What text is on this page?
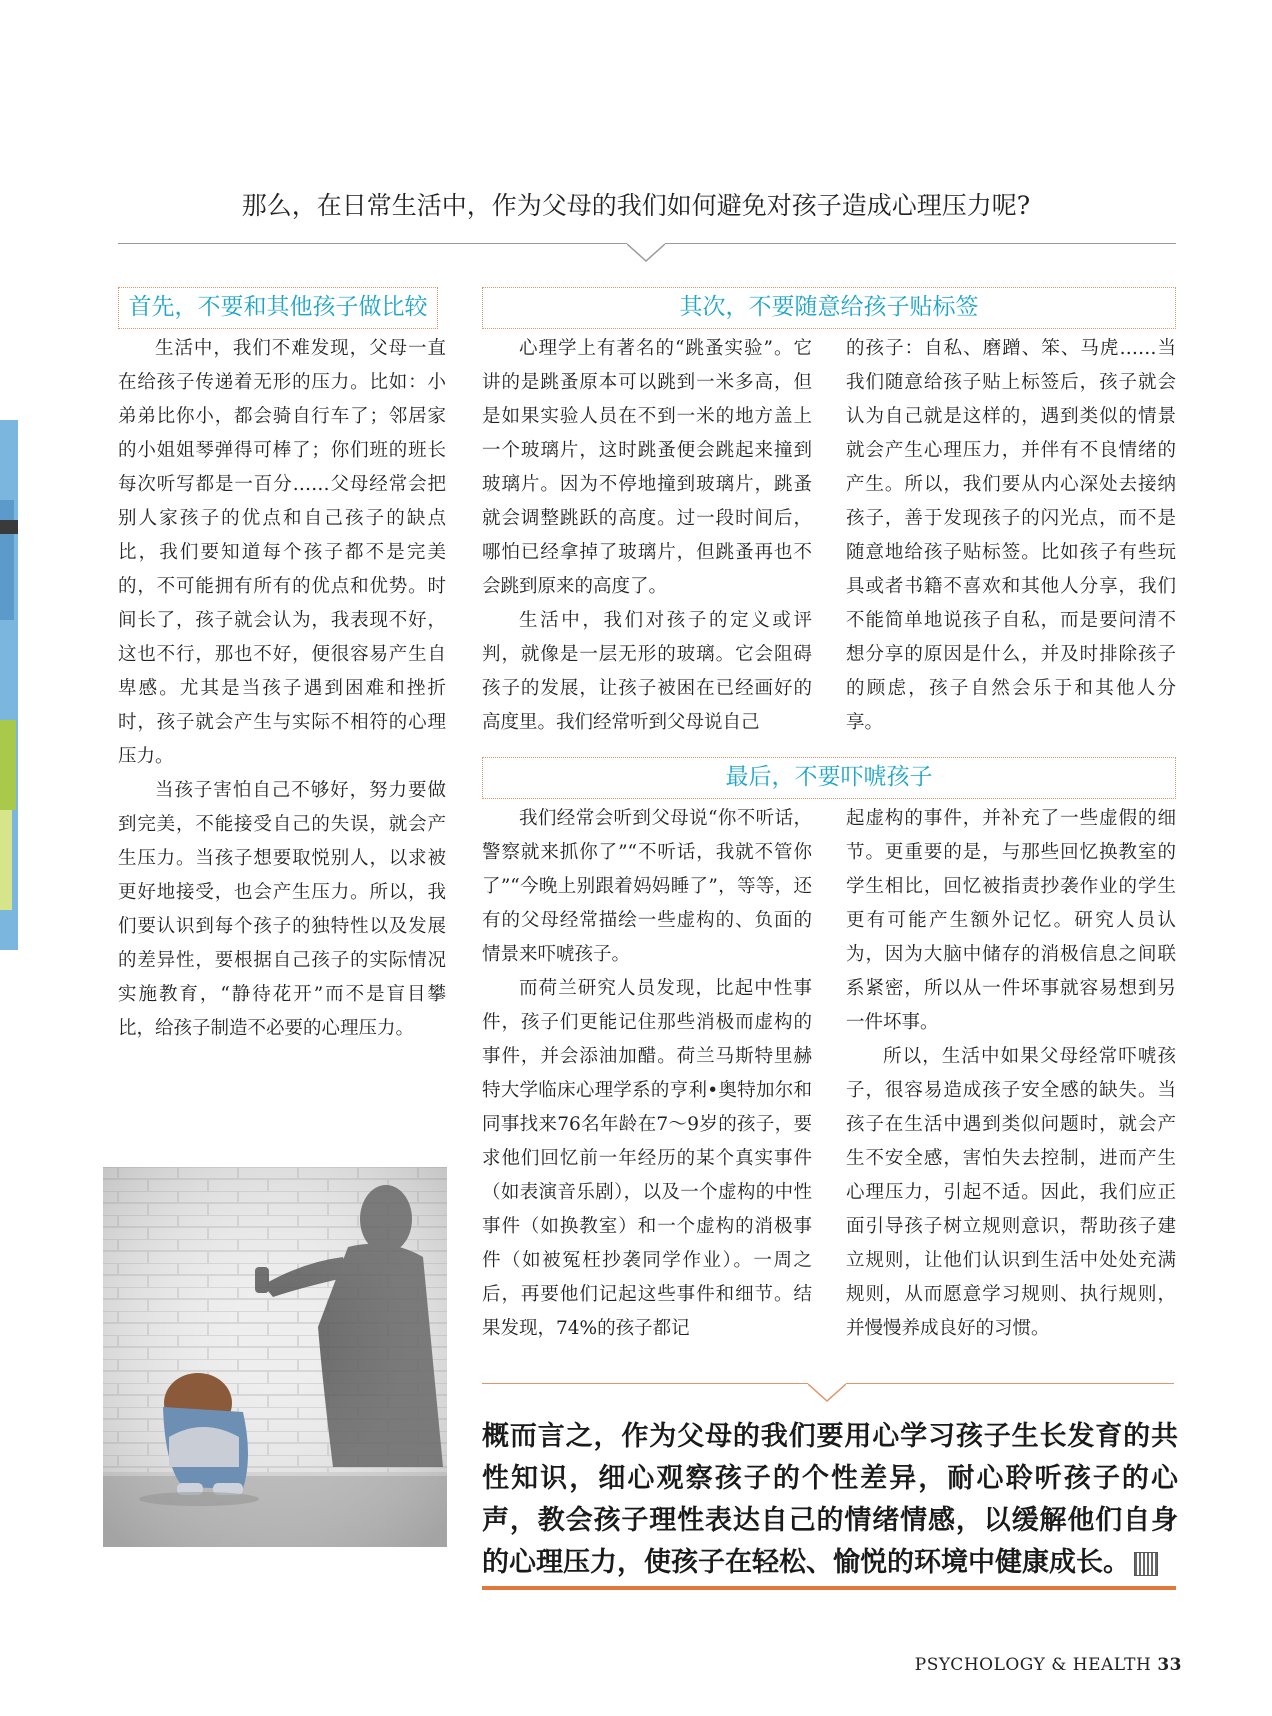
那么，在日常生活中，作为父母的我们如何避免对孩子造成心理压力呢?
首先，不要和其他孩子做比较

生活中，我们不难发现，父母一直在给孩子传递着无形的压力。比如：小弟弟比你小，都会骑自行车了；邻居家的小姐姐琴弹得可棒了；你们班的班长每次听写都是一百分……父母经常会把别人家孩子的优点和自己孩子的缺点比，我们要知道每个孩子都不是完美的，不可能拥有所有的优点和优势。时间长了，孩子就会认为，我表现不好，这也不行，那也不好，便很容易产生自卑感。尤其是当孩子遇到困难和挫折时，孩子就会产生与实际不相符的心理压力。

当孩子害怕自己不够好，努力要做到完美，不能接受自己的失误，就会产生压力。当孩子想要取悦别人，以求被更好地接受，也会产生压力。所以，我们要认识到每个孩子的独特性以及发展的差异性，要根据自己孩子的实际情况实施教育，“静待花开”而不是盲目攀比，给孩子制造不必要的心理压力。

其次，不要随意给孩子贴标签

心理学上有著名的“跳蚤实验”。它讲的是跳蚤原本可以跳到一米多高，但是如果实验人员在不到一米的地方盖上一个玻璃片，这时跳蚤便会跳起来撞到玻璃片。因为不停地撞到玻璃片，跳蚤就会调整跳跃的高度。过一段时间后，哪怕已经拿掉了玻璃片，但跳蚤再也不会跳到原来的高度了。

生活中，我们对孩子的定义或评判，就像是一层无形的玻璃。它会阻碍孩子的发展，让孩子被困在已经画好的高度里。我们经常听到父母说自己

的孩子：自私、磨蹭、笨、马虎……当我们随意给孩子贴上标签后，孩子就会认为自己就是这样的，遇到类似的情景就会产生心理压力，并伴有不良情绪的产生。所以，我们要从内心深处去接纳孩子，善于发现孩子的闪光点，而不是随意地给孩子贴标签。比如孩子有些玩具或者书籍不喜欢和其他人分享，我们不能简单地说孩子自私，而是要问清不想分享的原因是什么，并及时排除孩子的顾虑，孩子自然会乐于和其他人分享。

最后，不要吓唬孩子

我们经常会听到父母说“你不听话，警察就来抓你了”“不听话，我就不管你了”“今晚上别跟着妈妈睡了”，等等，还有的父母经常描绘一些虚构的、负面的情景来吓唬孩子。

而荷兰研究人员发现，比起中性事件，孩子们更能记住那些消极而虚构的事件，并会添油加醋。荷兰马斯特里赫特大学临床心理学系的亨利•奥特加尔和同事找来76名年龄在7～9岁的孩子，要求他们回忆前一年经历的某个真实事件（如表演音乐剧），以及一个虚构的中性事件（如换教室）和一个虚构的消极事件（如被冤枉抄袭同学作业）。一周之后，再要他们记起这些事件和细节。结果发现，74%的孩子都记

起虚构的事件，并补充了一些虚假的细节。更重要的是，与那些回忆换教室的学生相比，回忆被指责抄袭作业的学生更有可能产生额外记忆。研究人员认为，因为大脑中储存的消极信息之间联系紧密，所以从一件坏事就容易想到另一件坏事。

所以，生活中如果父母经常吓唬孩子，很容易造成孩子安全感的缺失。当孩子在生活中遇到类似问题时，就会产生不安全感，害怕失去控制，进而产生心理压力，引起不适。因此，我们应正面引导孩子树立规则意识，帮助孩子建立规则，让他们认识到生活中处处充满规则，从而愿意学习规则、执行规则，并慢慢养成良好的习惯。

概而言之，作为父母的我们要用心学习孩子生长发育的共性知识，细心观察孩子的个性差异，耐心聆听孩子的心声，教会孩子理性表达自己的情绪情感，以缓解他们自身的心理压力，使孩子在轻松、愉悦的环境中健康成长。
PSYCHOLOGY & HEALTH 33
